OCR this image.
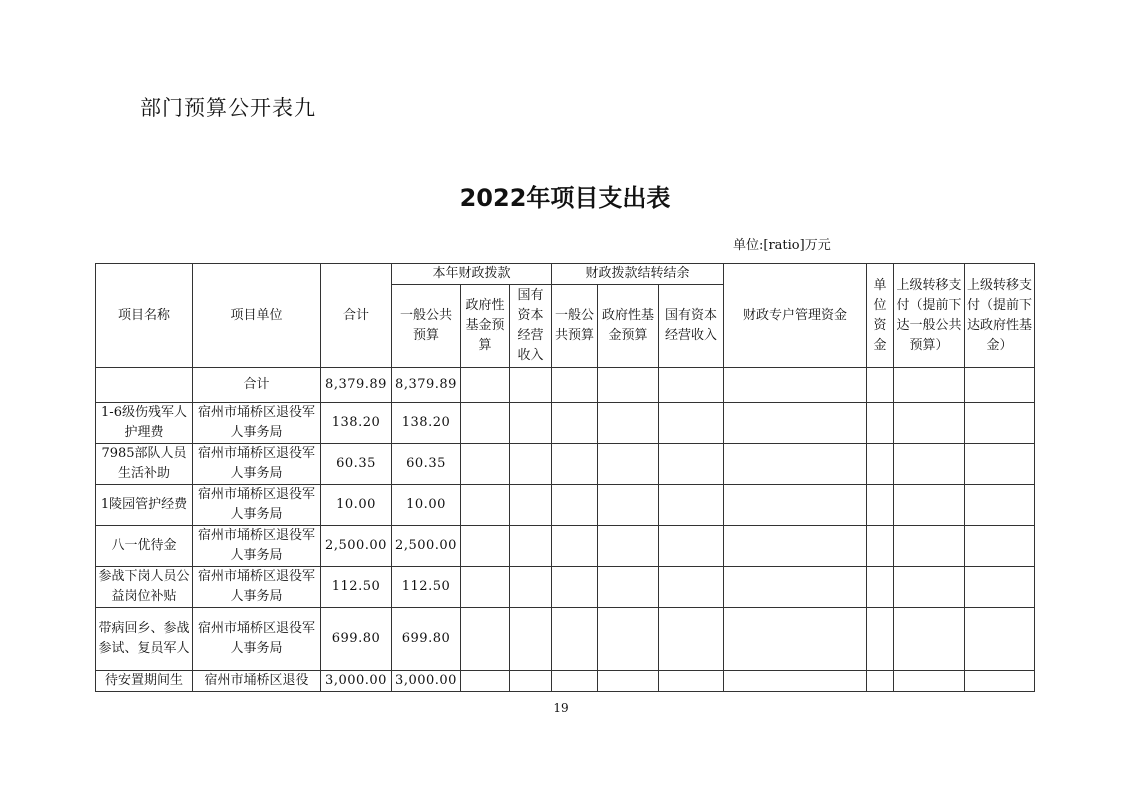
部门预算公开表九
2022年项目支出表
单位:[ratio]万元
项目名称	项目单位	合计	本年财政拨款			财政拨款结转结余			财政专户管理资金	单位资金	上级转移支付（提前下达一般公共预算）	上级转移支付（提前下达政府性基金）
			一般公共预算	政府性基金预算	国有资本经营收入	一般公共预算	政府性基金预算	国有资本经营收入				
	合计	8,379.89	8,379.89									
1-6级伤残军人护理费	宿州市埇桥区退役军人事务局	138.20	138.20									
7985部队人员生活补助	宿州市埇桥区退役军人事务局	60.35	60.35									
1陵园管护经费	宿州市埇桥区退役军人事务局	10.00	10.00									
八一优待金	宿州市埇桥区退役军人事务局	2,500.00	2,500.00									
参战下岗人员公益岗位补贴	宿州市埇桥区退役军人事务局	112.50	112.50									
带病回乡、参战参试、复员军人	宿州市埇桥区退役军人事务局	699.80	699.80									
待安置期间生	宿州市埇桥区退役	3,000.00	3,000.00									
19
